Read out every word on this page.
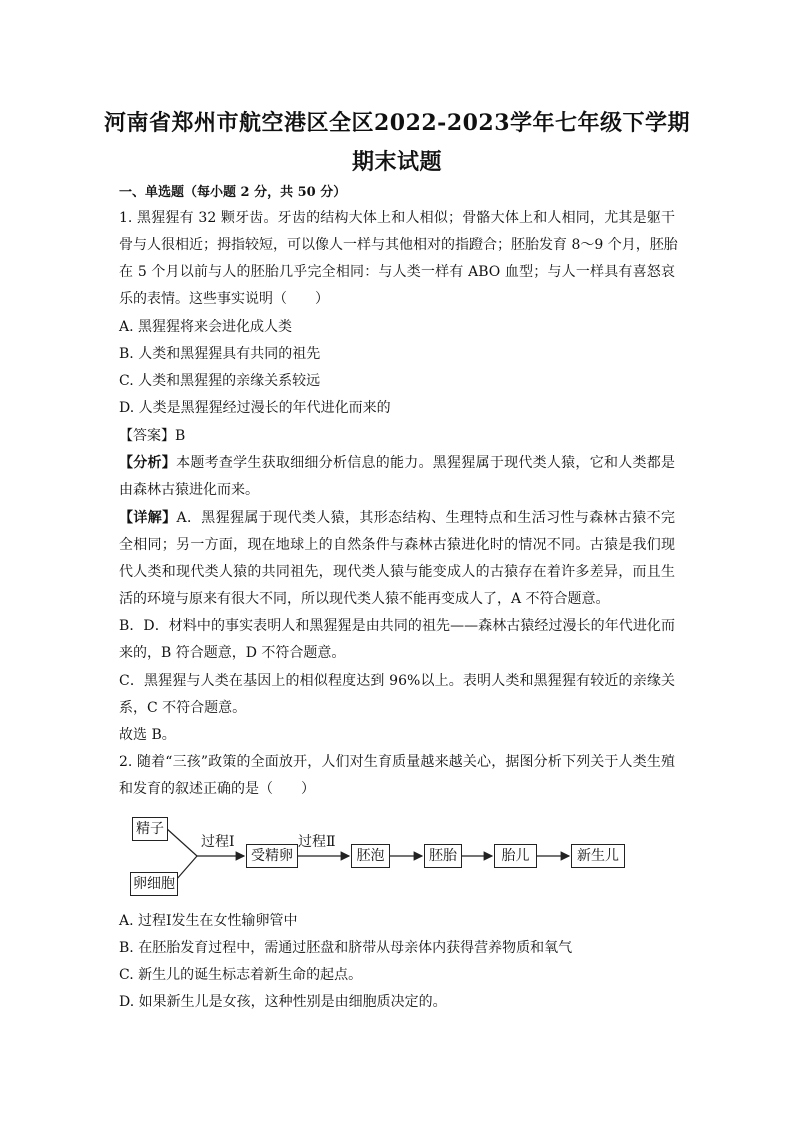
河南省郑州市航空港区全区2022-2023学年七年级下学期
期末试题
一、单选题（每小题 2 分，共 50 分）
1. 黑猩猩有 32 颗牙齿。牙齿的结构大体上和人相似；骨骼大体上和人相同，尤其是躯干
骨与人很相近；拇指较短，可以像人一样与其他相对的指蹬合；胚胎发育 8～9 个月，胚胎
在 5 个月以前与人的胚胎几乎完全相同：与人类一样有 ABO 血型；与人一样具有喜怒哀
乐的表情。这些事实说明（　　）
A. 黑猩猩将来会进化成人类
B. 人类和黑猩猩具有共同的祖先
C. 人类和黑猩猩的亲缘关系较远
D. 人类是黑猩猩经过漫长的年代进化而来的
【答案】B
【分析】本题考查学生获取细细分析信息的能力。黑猩猩属于现代类人猿，它和人类都是
由森林古猿进化而来。
【详解】A．黑猩猩属于现代类人猿，其形态结构、生理特点和生活习性与森林古猿不完
全相同；另一方面，现在地球上的自然条件与森林古猿进化时的情况不同。古猿是我们现
代人类和现代类人猿的共同祖先，现代类人猿与能变成人的古猿存在着许多差异，而且生
活的环境与原来有很大不同，所以现代类人猿不能再变成人了，A 不符合题意。
B．D．材料中的事实表明人和黑猩猩是由共同的祖先——森林古猿经过漫长的年代进化而
来的，B 符合题意，D 不符合题意。
C．黑猩猩与人类在基因上的相似程度达到 96%以上。表明人类和黑猩猩有较近的亲缘关
系，C 不符合题意。
故选 B。
2. 随着“三孩”政策的全面放开，人们对生育质量越来越关心，据图分析下列关于人类生殖
和发育的叙述正确的是（　　）
精子
卵细胞
过程Ⅰ	过程Ⅱ
受精卵	胚泡	胚胎	胎儿	新生儿
A. 过程Ⅰ发生在女性输卵管中
B. 在胚胎发育过程中，需通过胚盘和脐带从母亲体内获得营养物质和氧气
C. 新生儿的诞生标志着新生命的起点。
D. 如果新生儿是女孩，这种性别是由细胞质决定的。
